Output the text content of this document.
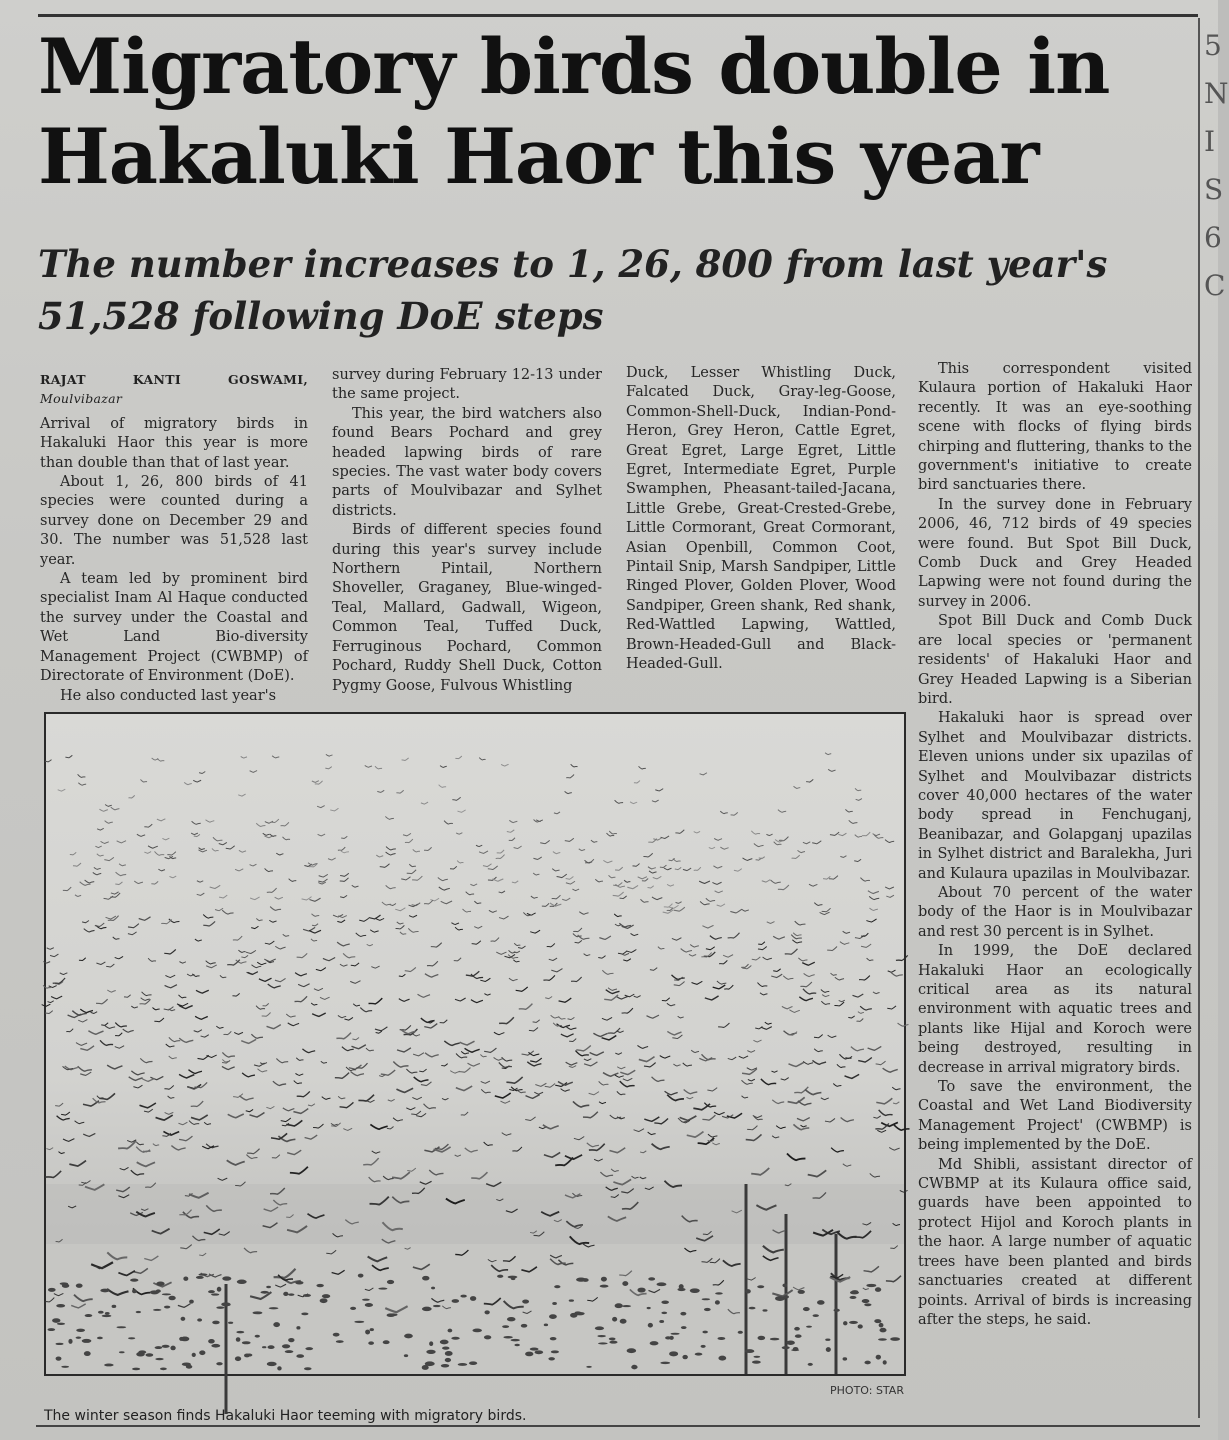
Migratory birds double in Hakaluki Haor this year
The number increases to 1, 26, 800 from last year's 51,528 following DoE steps
RAJAT KANTI GOSWAMI, Moulvibazar

Arrival of migratory birds in Hakaluki Haor this year is more than double than that of last year.

About 1, 26, 800 birds of 41 species were counted during a survey done on December 29 and 30. The number was 51,528 last year.

A team led by prominent bird specialist Inam Al Haque conducted the survey under the Coastal and Wet Land Bio-diversity Management Project (CWBMP) of Directorate of Environment (DoE).

He also conducted last year's

survey during February 12-13 under the same project.

This year, the bird watchers also found Bears Pochard and grey headed lapwing birds of rare species. The vast water body covers parts of Moulvibazar and Sylhet districts.

Birds of different species found during this year's survey include Northern Pintail, Northern Shoveller, Graganey, Blue-winged-Teal, Mallard, Gadwall, Wigeon, Common Teal, Tuffed Duck, Ferruginous Pochard, Common Pochard, Ruddy Shell Duck, Cotton Pygmy Goose, Fulvous Whistling

Duck, Lesser Whistling Duck, Falcated Duck, Gray-leg-Goose, Common-Shell-Duck, Indian-Pond-Heron, Grey Heron, Cattle Egret, Great Egret, Large Egret, Little Egret, Intermediate Egret, Purple Swamphen, Pheasant-tailed-Jacana, Little Grebe, Great-Crested-Grebe, Little Cormorant, Great Cormorant, Asian Openbill, Common Coot, Pintail Snip, Marsh Sandpiper, Little Ringed Plover, Golden Plover, Wood Sandpiper, Green shank, Red shank, Red-Wattled Lapwing, Wattled, Brown-Headed-Gull and Black-Headed-Gull.

This correspondent visited Kulaura portion of Hakaluki Haor recently. It was an eye-soothing scene with flocks of flying birds chirping and fluttering, thanks to the government's initiative to create bird sanctuaries there.

In the survey done in February 2006, 46, 712 birds of 49 species were found. But Spot Bill Duck, Comb Duck and Grey Headed Lapwing were not found during the survey in 2006.

Spot Bill Duck and Comb Duck are local species or 'permanent residents' of Hakaluki Haor and Grey Headed Lapwing is a Siberian bird.

Hakaluki haor is spread over Sylhet and Moulvibazar districts. Eleven unions under six upazilas of Sylhet and Moulvibazar districts cover 40,000 hectares of the water body spread in Fenchuganj, Beanibazar, and Golapganj upazilas in Sylhet district and Baralekha, Juri and Kulaura upazilas in Moulvibazar.

About 70 percent of the water body of the Haor is in Moulvibazar and rest 30 percent is in Sylhet.

In 1999, the DoE declared Hakaluki Haor an ecologically critical area as its natural environment with aquatic trees and plants like Hijal and Koroch were being destroyed, resulting in decrease in arrival migratory birds.

To save the environment, the Coastal and Wet Land Biodiversity Management Project' (CWBMP) is being implemented by the DoE.

Md Shibli, assistant director of CWBMP at its Kulaura office said, guards have been appointed to protect Hijol and Koroch plants in the haor. A large number of aquatic trees have been planted and birds sanctuaries created at different points. Arrival of birds is increasing after the steps, he said.

PHOTO: STAR
The winter season finds Hakaluki Haor teeming with migratory birds.
5
N
I
S
6
C
